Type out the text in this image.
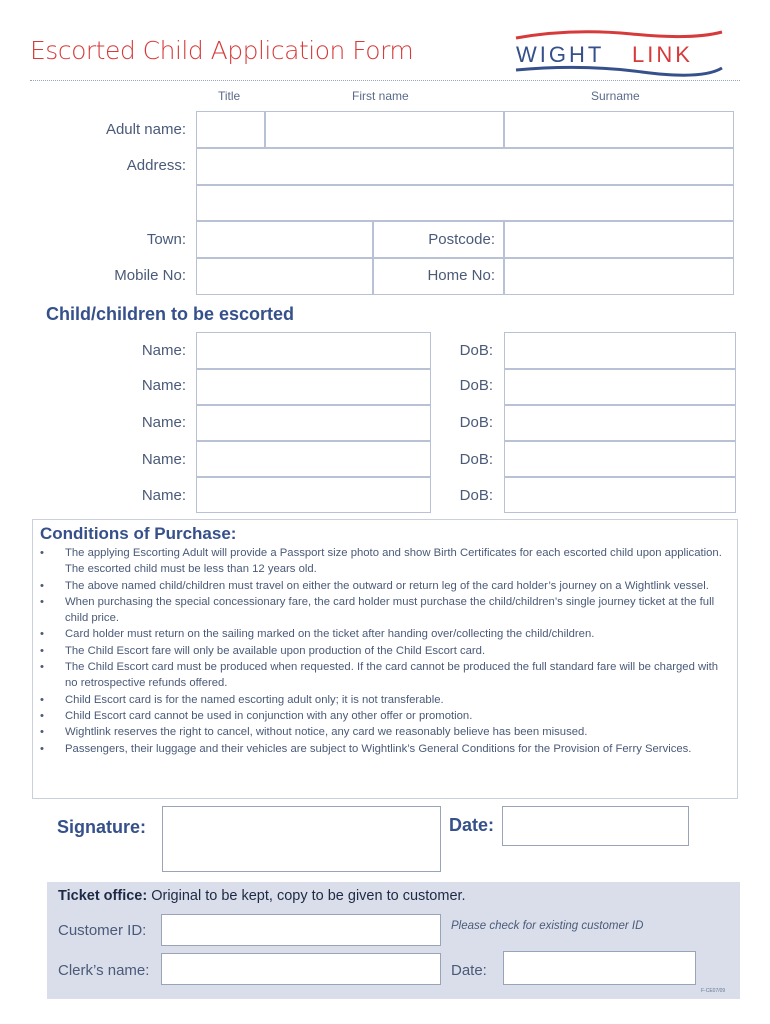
Escorted Child Application Form	WIGHT LINK
Title	First name	Surname
Adult name:
Address:
Town:	Postcode:
Mobile No:	Home No:
Child/children to be escorted
Name:	DoB:
Name:	DoB:
Name:	DoB:
Name:	DoB:
Name:	DoB:
Conditions of Purchase:
• The applying Escorting Adult will provide a Passport size photo and show Birth Certificates for each escorted child upon application. The escorted child must be less than 12 years old.
• The above named child/children must travel on either the outward or return leg of the card holder’s journey on a Wightlink vessel.
• When purchasing the special concessionary fare, the card holder must purchase the child/children’s single journey ticket at the full child price.
• Card holder must return on the sailing marked on the ticket after handing over/collecting the child/children.
• The Child Escort fare will only be available upon production of the Child Escort card.
• The Child Escort card must be produced when requested. If the card cannot be produced the full standard fare will be charged with no retrospective refunds offered.
• Child Escort card is for the named escorting adult only; it is not transferable.
• Child Escort card cannot be used in conjunction with any other offer or promotion.
• Wightlink reserves the right to cancel, without notice, any card we reasonably believe has been misused.
• Passengers, their luggage and their vehicles are subject to Wightlink’s General Conditions for the Provision of Ferry Services.
Signature:	Date:
Ticket office: Original to be kept, copy to be given to customer.
Customer ID:	Please check for existing customer ID
Clerk’s name:	Date:
F-CE07/09
